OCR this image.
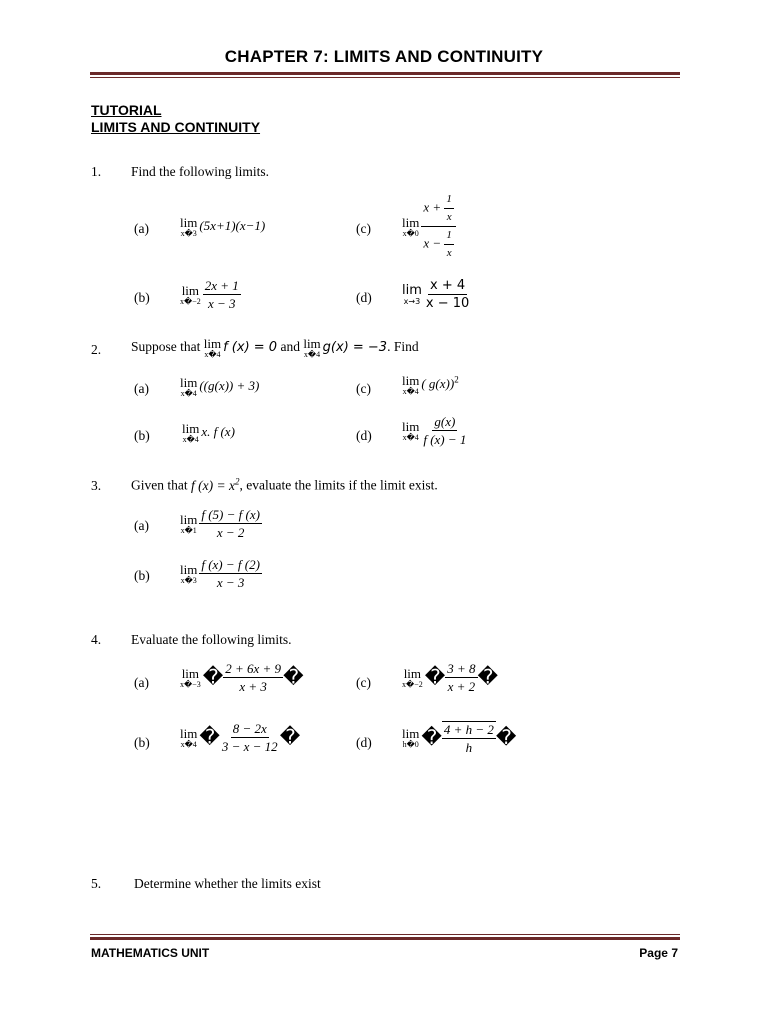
CHAPTER 7: LIMITS AND CONTINUITY
TUTORIAL
LIMITS AND CONTINUITY
1. Find the following limits.
(a) lim
x�3
(5x+1)(x−1)	(c) lim
x�0 $\frac{x + \frac{1}{x}}{x - \frac{1}{x}}$
(b) lim
x�−2 $\frac{2x + 1}{x - 3}$	(d) lim
$x\to 3 \frac{x + 4}{x - 10}$
2. Suppose that lim
x�4 f (x) = 0 and lim
x�4 g(x) = −3. Find
(a) lim
x�4
((g(x)) + 3)	(c)
lim
x�4
( g(x))$^2$
(b) lim
x�4
x. f (x)	(d)
lim
x�4 $\frac{g(x)}{f (x) - 1}$
3. Given that f $(x) = x^2$, evaluate the limits if the limit exist.
(a) lim
x�1 $\frac{f (5) - f (x)}{x - 2}$
(b) lim
x�3 $\frac{f (x) - f (2)}{x - 3}$
4. Evaluate the following limits.
(a)
lim
x�−3 � $\frac{2 + 6x + 9}{x + 3}$ �	(c)
lim
x�−2 � $\frac{3 + 8}{x + 2}$ �
(b)
lim
x�4 � $\frac{8 - 2x}{3 - x - 12}$ �	(d)
lim
h�0 � $\frac{4 + h - 2}{h}$ �
5. Determine whether the limits exist
MATHEMATICS UNIT	Page 7
